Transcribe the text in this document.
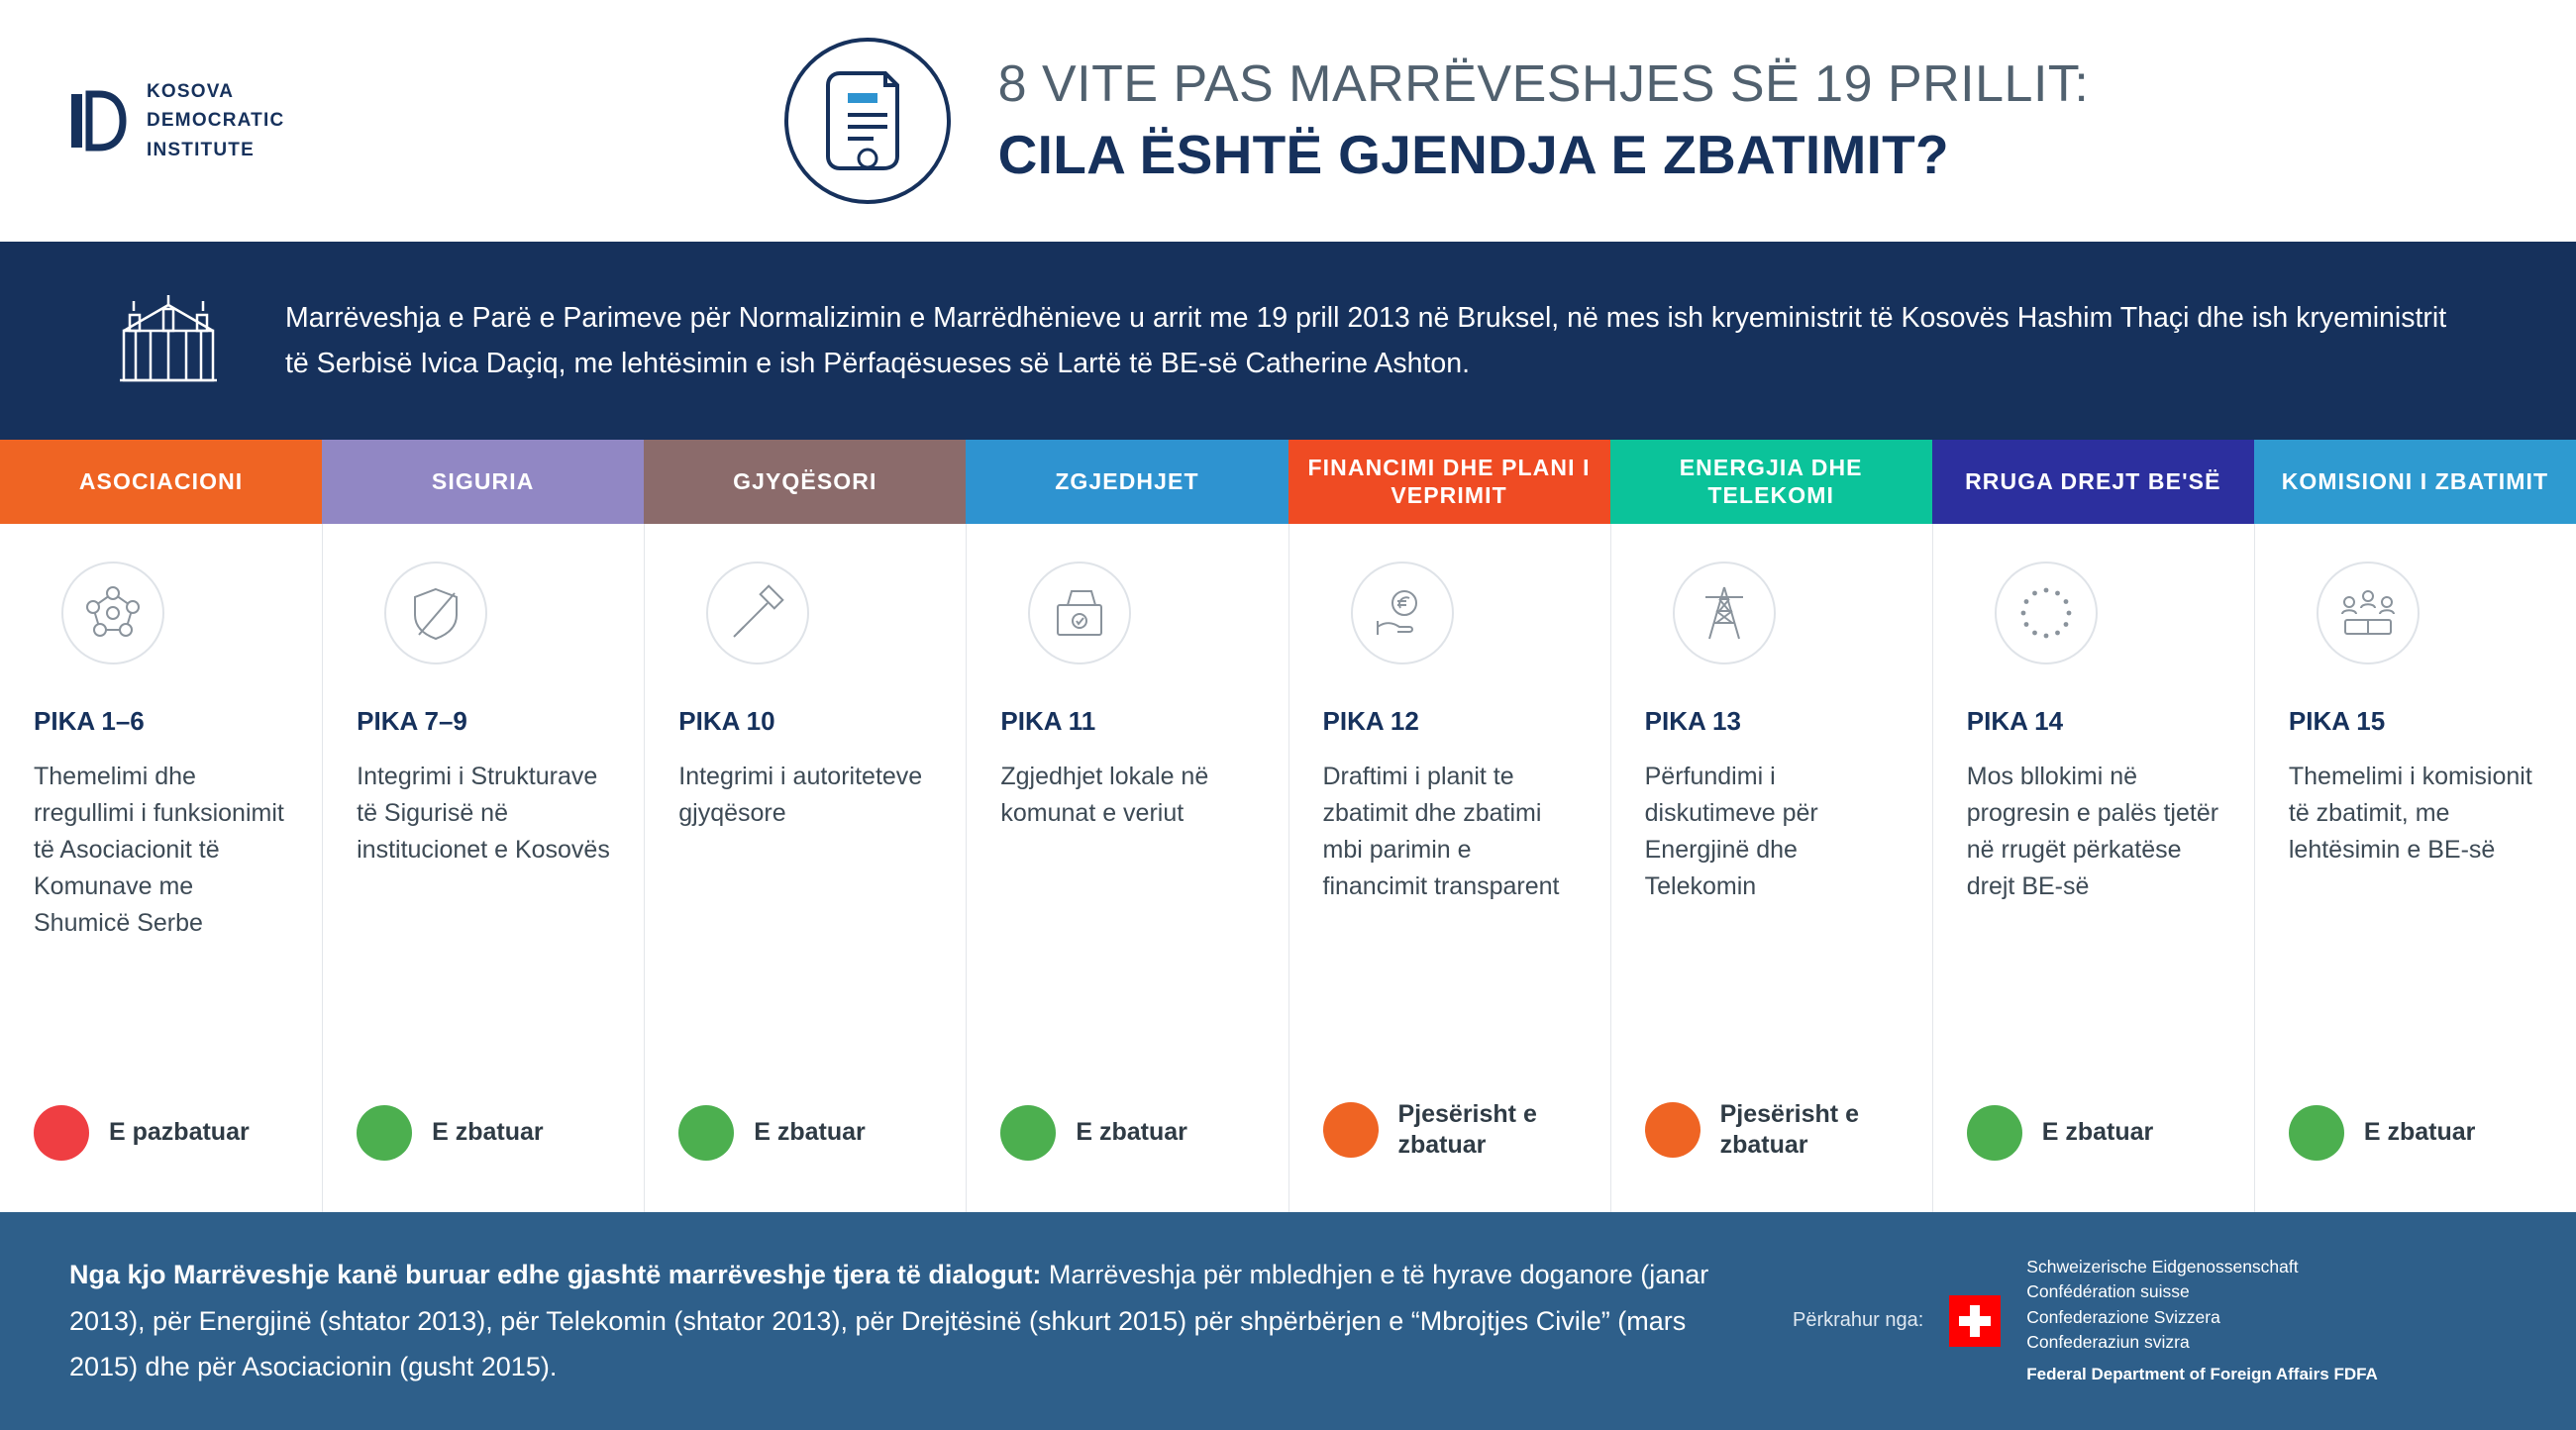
KOSOVA
DEMOCRATIC
INSTITUTE
8 VITE PAS MARRËVESHJES SË 19 PRILLIT:
CILA ËSHTË GJENDJA E ZBATIMIT?
Marrëveshja e Parë e Parimeve për Normalizimin e Marrëdhënieve u arrit me 19 prill 2013 në Bruksel, në mes ish kryeministrit të Kosovës Hashim Thaçi dhe ish kryeministrit të Serbisë Ivica Daçiq, me lehtësimin e ish Përfaqësueses së Lartë të BE-së Catherine Ashton.
ASOCIACIONI
PIKA 1–6
Themelimi dhe rregullimi i funksionimit të Asociacionit të Komunave me Shumicë Serbe
E pazbatuar
SIGURIA
PIKA 7–9
Integrimi i Strukturave të Sigurisë në institucionet e Kosovës
E zbatuar
GJYQËSORI
PIKA 10
Integrimi i autoriteteve gjyqësore
E zbatuar
ZGJEDHJET
PIKA 11
Zgjedhjet lokale në komunat e veriut
E zbatuar
FINANCIMI DHE PLANI I VEPRIMIT
PIKA 12
Draftimi i planit te zbatimit dhe zbatimi mbi parimin e financimit transparent
Pjesërisht e zbatuar
ENERGJIA DHE TELEKOMI
PIKA 13
Përfundimi i diskutimeve për Energjinë dhe Telekomin
Pjesërisht e zbatuar
RRUGA DREJT BE'SË
PIKA 14
Mos bllokimi në progresin e palës tjetër në rrugët përkatëse drejt BE-së
E zbatuar
KOMISIONI I ZBATIMIT
PIKA 15
Themelimi i komisionit të zbatimit, me lehtësimin e BE-së
E zbatuar
Nga kjo Marrëveshje kanë buruar edhe gjashtë marrëveshje tjera të dialogut: Marrëveshja për mbledhjen e të hyrave doganore (janar 2013), për Energjinë (shtator 2013), për Telekomin (shtator 2013), për Drejtësinë (shkurt 2015) për shpërbërjen e “Mbrojtjes Civile” (mars 2015) dhe për Asociacionin (gusht 2015).
Përkrahur nga:
Schweizerische Eidgenossenschaft
Confédération suisse
Confederazione Svizzera
Confederaziun svizra
Federal Department of Foreign Affairs FDFA
